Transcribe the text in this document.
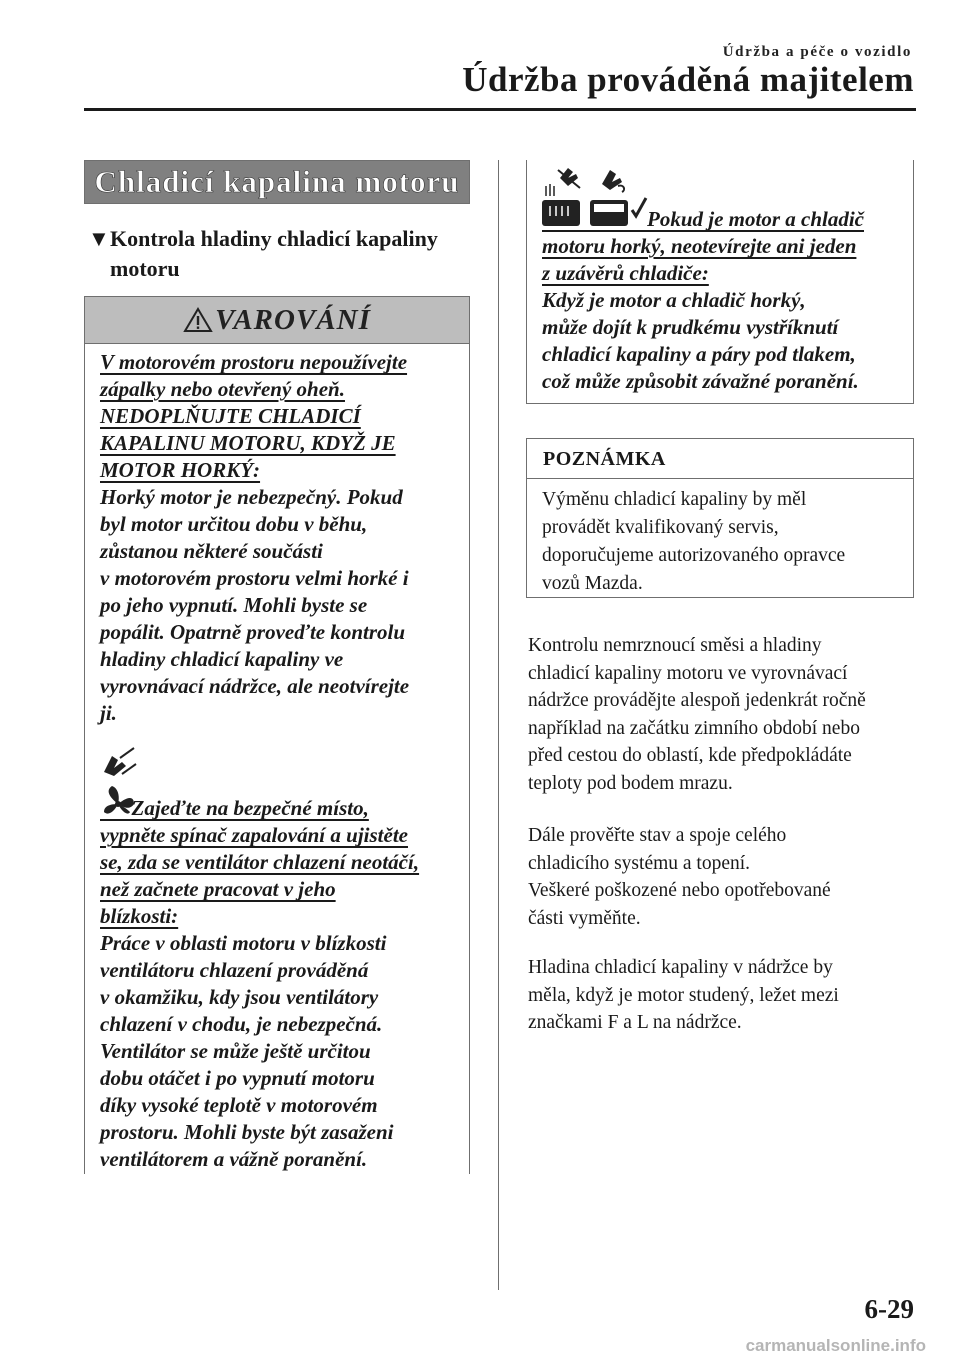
Údržba a péče o vozidlo
Údržba prováděná majitelem
Chladicí kapalina motoru
▼Kontrola hladiny chladicí kapaliny
motoru
VAROVÁNÍ
V motorovém prostoru nepoužívejte
zápalky nebo otevřený oheň.
NEDOPLŇUJTE CHLADICÍ
KAPALINU MOTORU, KDYŽ JE
MOTOR HORKÝ:
Horký motor je nebezpečný. Pokud
byl motor určitou dobu v běhu,
zůstanou některé součásti
v motorovém prostoru velmi horké i
po jeho vypnutí. Mohli byste se
popálit. Opatrně proveďte kontrolu
hladiny chladicí kapaliny ve
vyrovnávací nádržce, ale neotvírejte
ji.
Zajeďte na bezpečné místo,
vypněte spínač zapalování a ujistěte
se, zda se ventilátor chlazení neotáčí,
než začnete pracovat v jeho
blízkosti:
Práce v oblasti motoru v blízkosti
ventilátoru chlazení prováděná
v okamžiku, kdy jsou ventilátory
chlazení v chodu, je nebezpečná.
Ventilátor se může ještě určitou
dobu otáčet i po vypnutí motoru
díky vysoké teplotě v motorovém
prostoru. Mohli byste být zasaženi
ventilátorem a vážně poranění.
Pokud je motor a chladič
motoru horký, neotevírejte ani jeden
z uzávěrů chladiče:
Když je motor a chladič horký,
může dojít k prudkému vystříknutí
chladicí kapaliny a páry pod tlakem,
což může způsobit závažné poranění.
POZNÁMKA
Výměnu chladicí kapaliny by měl
provádět kvalifikovaný servis,
doporučujeme autorizovaného opravce
vozů Mazda.
Kontrolu nemrznoucí směsi a hladiny
chladicí kapaliny motoru ve vyrovnávací
nádržce provádějte alespoň jedenkrát ročně
například na začátku zimního období nebo
před cestou do oblastí, kde předpokládáte
teploty pod bodem mrazu.
Dále prověřte stav a spoje celého
chladicího systému a topení.
Veškeré poškozené nebo opotřebované
části vyměňte.
Hladina chladicí kapaliny v nádržce by
měla, když je motor studený, ležet mezi
značkami F a L na nádržce.
6-29
carmanualsonline.info
